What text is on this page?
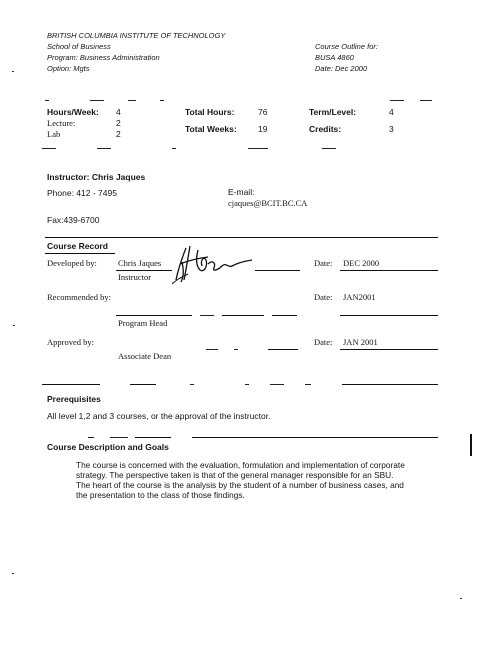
BRITISH COLUMBIA INSTITUTE OF TECHNOLOGY
School of Business
Program: Business Administration
Option: Mgts
Course Outline for:
BUSA 4860
Date: Dec 2000
Hours/Week: 4
Lecture:	2
Lab	2
Total Hours:	76
Total Weeks:	19
Term/Level:	4
Credits:	3
Instructor: Chris Jaques
Phone: 412 - 7495	E-mail:
cjaques@BCIT.BC.CA
Fax:439-6700
Course Record
Developed by: Chris Jaques
Instructor
Date: DEC 2000
Recommended by:
Program Head
Date: JAN2001
Approved by:
Associate Dean
Date: JAN 2001
Prerequisites
All level 1,2 and 3 courses, or the approval of the instructor.
Course Description and Goals
The course is concerned with the evaluation, formulation and implementation of corporate
strategy. The perspective taken is that of the general manager responsible for an SBU.
The heart of the course is the analysis by the student of a number of business cases, and
the presentation to the class of those findings.
